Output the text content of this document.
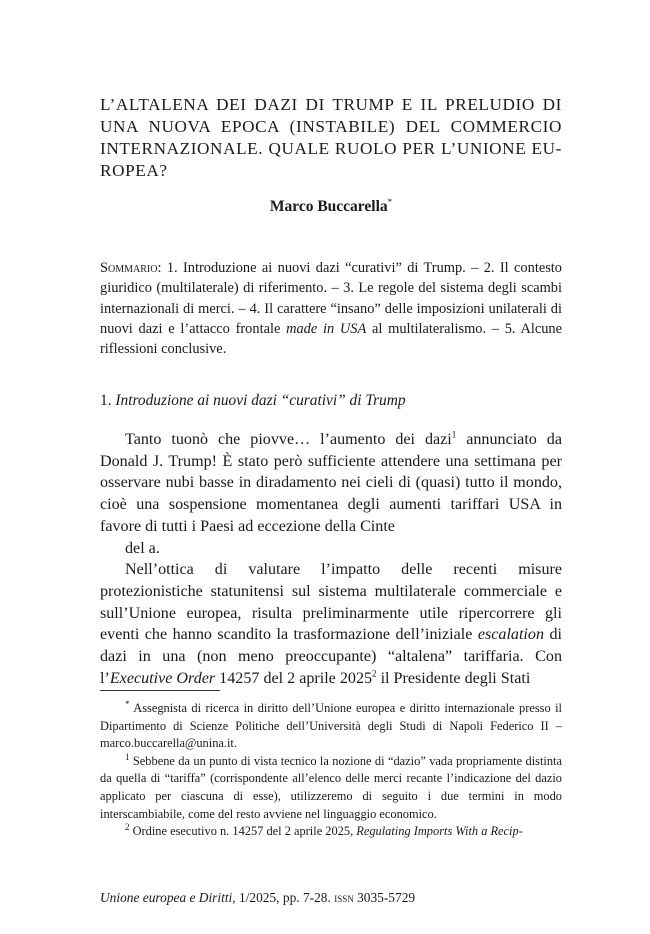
L’ALTALENA DEI DAZI DI TRUMP E IL PRELUDIO DI UNA NUOVA EPOCA (INSTABILE) DEL COMMERCIO INTERNAZIONALE. QUALE RUOLO PER L’UNIONE EU-ROPEA?
Marco Buccarella*
Sommario: 1. Introduzione ai nuovi dazi “curativi” di Trump. – 2. Il contesto giuridico (multilaterale) di riferimento. – 3. Le regole del sistema degli scambi internazionali di merci. – 4. Il carattere “insano” delle imposizioni unilaterali di nuovi dazi e l’attacco frontale made in USA al multilateralismo. – 5. Alcune riflessioni conclusive.
1. Introduzione ai nuovi dazi “curativi” di Trump

Tanto tuonò che piovve… l’aumento dei dazi$^1$ annunciato da Donald J. Trump! È stato però sufficiente attendere una settimana per osservare nubi basse in diradamento nei cieli di (quasi) tutto il mondo, cioè una sospensione momentanea degli aumenti tariffari USA in favore di tutti i Paesi ad eccezione della Cinte

del a.

Nell’ottica di valutare l’impatto delle recenti misure protezionistiche statunitensi sul sistema multilaterale commerciale e sull’Unione europea, risulta preliminarmente utile ripercorrere gli eventi che hanno scandito la trasformazione dell’iniziale escalation di dazi in una (non meno preoccupante) “altalena” tariffaria. Con l’Executive Order 14257 del 2 aprile 2025$^2$ il Presidente degli Stati

* Assegnista di ricerca in diritto dell’Unione europea e diritto internazionale presso il Dipartimento di Scienze Politiche dell’Università degli Studi di Napoli Federico II – marco.buccarella@unina.it.

$^1$ Sebbene da un punto di vista tecnico la nozione di “dazio” vada propriamente distinta da quella di “tariffa” (corrispondente all’elenco delle merci recante l’indicazione del dazio applicato per ciascuna di esse), utilizzeremo di seguito i due termini in modo interscambiabile, come del resto avviene nel linguaggio economico.

$^2$ Ordine esecutivo n. 14257 del 2 aprile 2025, Regulating Imports With a Recip-

Unione europea e Diritti, 1/2025, pp. 7-28. issn 3035-5729
